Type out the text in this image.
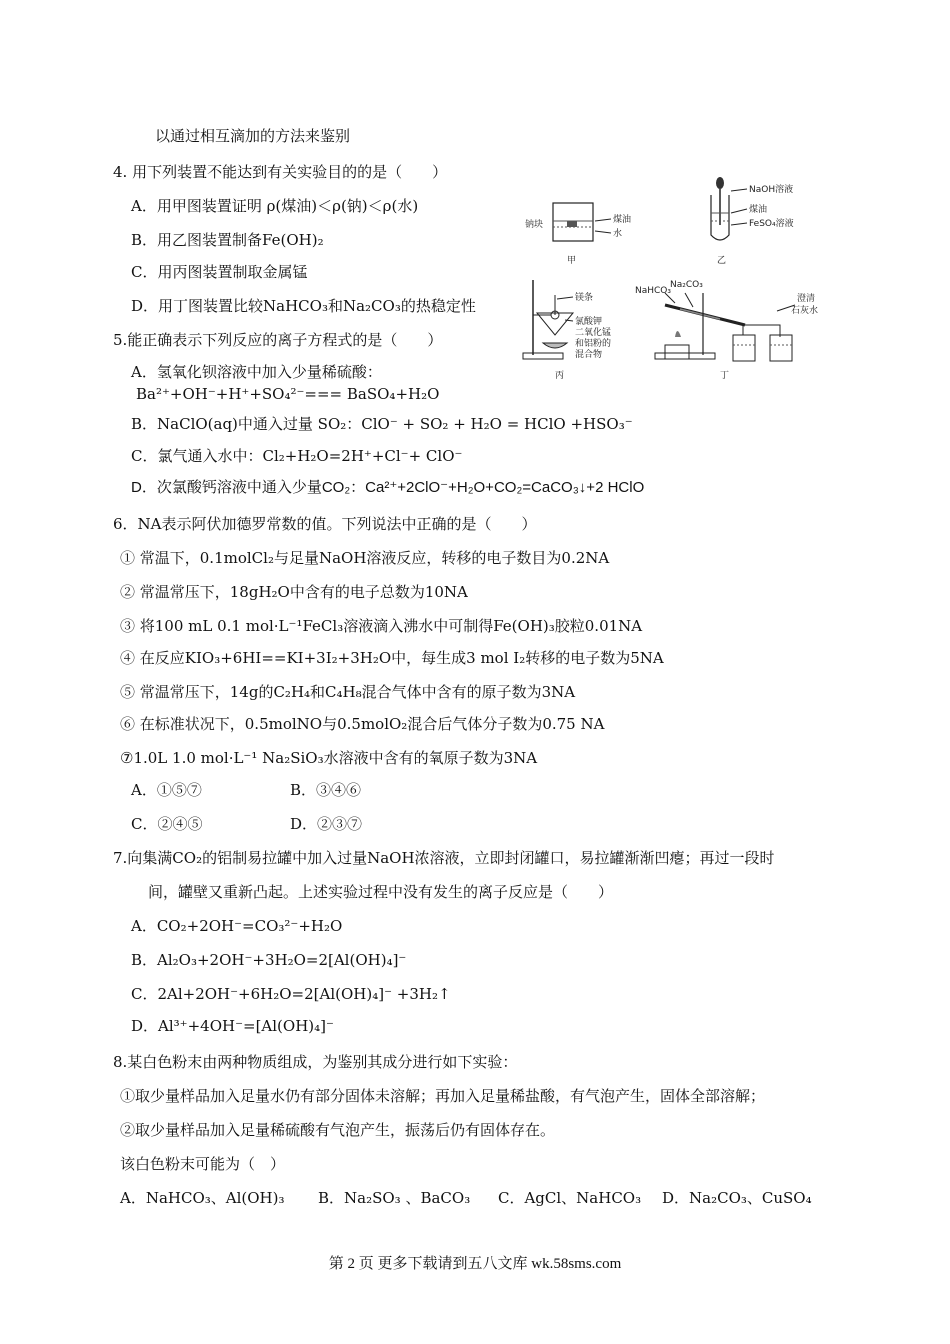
以通过相互滴加的方法来鉴别
4. 用下列装置不能达到有关实验目的的是（　　）
A．用甲图装置证明 ρ(煤油)＜ρ(钠)＜ρ(水)
B．用乙图装置制备Fe(OH)₂
C．用丙图装置制取金属锰
D．用丁图装置比较NaHCO₃和Na₂CO₃的热稳定性
钠块	煤油
水
甲
NaOH溶液
煤油
FeSO₄溶液
乙
镁条
氯酸钾
二氧化锰
和铝粉的
混合物
丙
Na₂CO₃
NaHCO₃
澄清
石灰水
丁
5.能正确表示下列反应的离子方程式的是（　　）
A．氢氧化钡溶液中加入少量稀硫酸：
Ba²⁺+OH⁻+H⁺+SO₄²⁻=== BaSO₄+H₂O
B．NaClO(aq)中通入过量 SO₂：ClO⁻ + SO₂ + H₂O = HClO +HSO₃⁻
C．氯气通入水中：Cl₂+H₂O=2H⁺+Cl⁻+ ClO⁻
D．次氯酸钙溶液中通入少量CO₂：Ca²⁺+2ClO⁻+H₂O+CO₂=CaCO₃↓+2 HClO
6．NA表示阿伏加德罗常数的值。下列说法中正确的是（　　）
① 常温下，0.1molCl₂与足量NaOH溶液反应，转移的电子数目为0.2NA
② 常温常压下，18gH₂O中含有的电子总数为10NA
③ 将100 mL 0.1 mol·L⁻¹FeCl₃溶液滴入沸水中可制得Fe(OH)₃胶粒0.01NA
④ 在反应KIO₃+6HI==KI+3I₂+3H₂O中，每生成3 mol I₂转移的电子数为5NA
⑤ 常温常压下，14g的C₂H₄和C₄H₈混合气体中含有的原子数为3NA
⑥ 在标准状况下，0.5molNO与0.5molO₂混合后气体分子数为0.75 NA
⑦1.0L 1.0 mol·L⁻¹ Na₂SiO₃水溶液中含有的氧原子数为3NA
A．①⑤⑦	B．③④⑥
C．②④⑤	D．②③⑦
7.向集满CO₂的铝制易拉罐中加入过量NaOH浓溶液，立即封闭罐口，易拉罐渐渐凹瘪；再过一段时
间，罐壁又重新凸起。上述实验过程中没有发生的离子反应是（　　）
A．CO₂+2OH⁻=CO₃²⁻+H₂O
B．Al₂O₃+2OH⁻+3H₂O=2[Al(OH)₄]⁻
C．2Al+2OH⁻+6H₂O=2[Al(OH)₄]⁻ +3H₂↑
D．Al³⁺+4OH⁻=[Al(OH)₄]⁻
8.某白色粉末由两种物质组成，为鉴别其成分进行如下实验：
①取少量样品加入足量水仍有部分固体未溶解；再加入足量稀盐酸，有气泡产生，固体全部溶解；
②取少量样品加入足量稀硫酸有气泡产生，振荡后仍有固体存在。
该白色粉末可能为（　）
A．NaHCO₃、Al(OH)₃ B．Na₂SO₃ 、BaCO₃ C．AgCl、NaHCO₃ D．Na₂CO₃、CuSO₄
第 2 页 更多下载请到五八文库 wk.58sms.com
